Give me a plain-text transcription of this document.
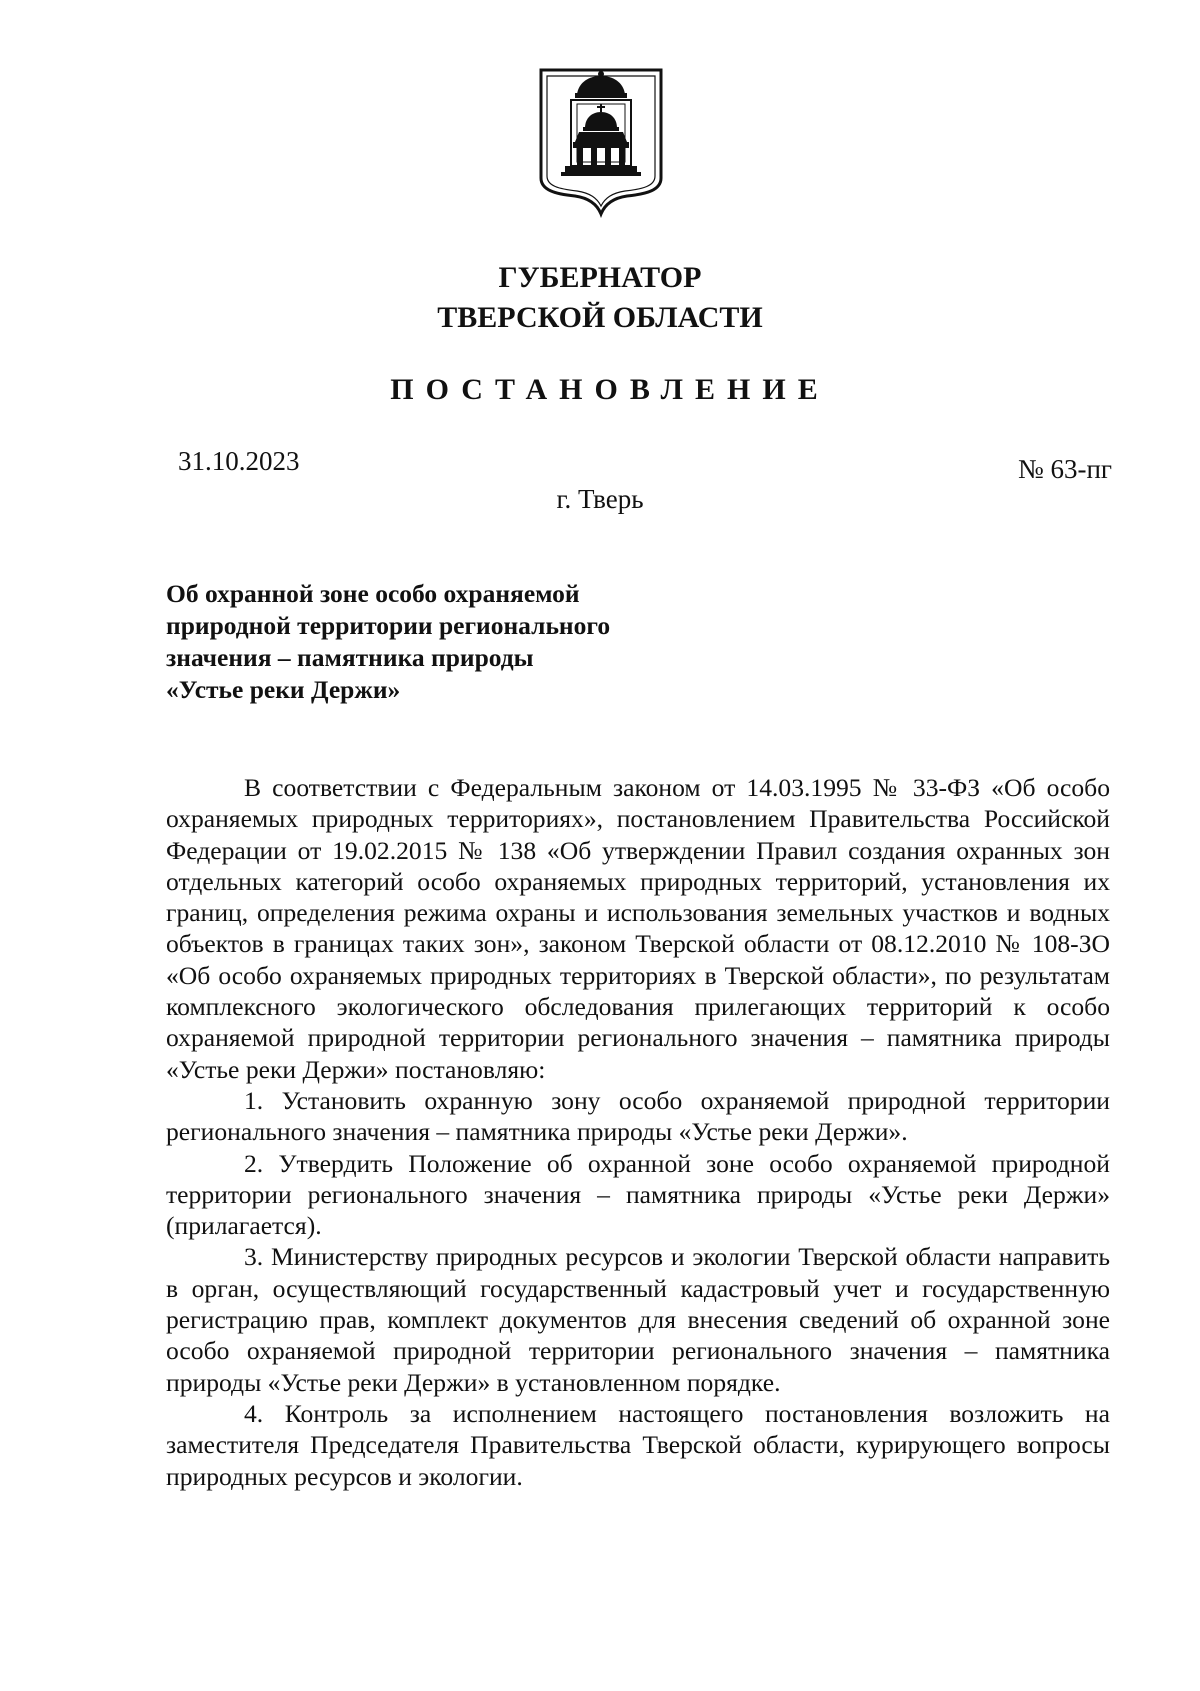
ГУБЕРНАТОР
ТВЕРСКОЙ ОБЛАСТИ
ПОСТАНОВЛЕНИЕ
31.10.2023	№ 63-пг
г. Тверь
Об охранной зоне особо охраняемой
природной территории регионального
значения – памятника природы
«Устье реки Держи»

В соответствии с Федеральным законом от 14.03.1995 № 33-ФЗ «Об особо охраняемых природных территориях», постановлением Правительства Российской Федерации от 19.02.2015 № 138 «Об утверждении Правил создания охранных зон отдельных категорий особо охраняемых природных территорий, установления их границ, определения режима охраны и использования земельных участков и водных объектов в границах таких зон», законом Тверской области от 08.12.2010 № 108-ЗО «Об особо охраняемых природных территориях в Тверской области», по результатам комплексного экологического обследования прилегающих территорий к особо охраняемой природной территории регионального значения – памятника природы «Устье реки Держи» постановляю:

1. Установить охранную зону особо охраняемой природной территории регионального значения – памятника природы «Устье реки Держи».

2. Утвердить Положение об охранной зоне особо охраняемой природной территории регионального значения – памятника природы «Устье реки Держи» (прилагается).

3. Министерству природных ресурсов и экологии Тверской области направить в орган, осуществляющий государственный кадастровый учет и государственную регистрацию прав, комплект документов для внесения сведений об охранной зоне особо охраняемой природной территории регионального значения – памятника природы «Устье реки Держи» в установленном порядке.

4. Контроль за исполнением настоящего постановления возложить на заместителя Председателя Правительства Тверской области, курирующего вопросы природных ресурсов и экологии.
